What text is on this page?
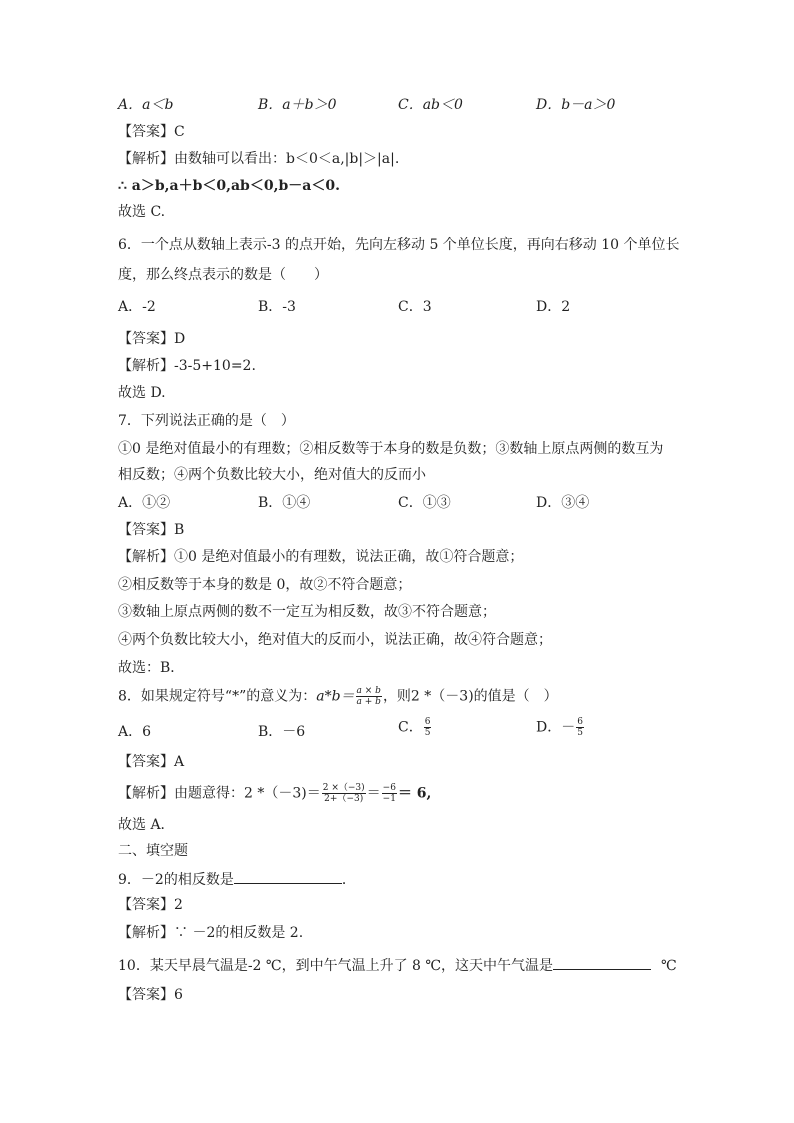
A．a＜b	B．a＋b＞0	C．ab＜0	D．b－a＞0
【答案】C
【解析】由数轴可以看出：b＜0＜a,|b|＞|a|.
∴ a＞b,a＋b＜0,ab＜0,b－a＜0.
故选 C.
6．一个点从数轴上表示-3 的点开始，先向左移动 5 个单位长度，再向右移动 10 个单位长
度，那么终点表示的数是（　　）
A．-2	B．-3	C．3	D．2
【答案】D
【解析】-3-5+10=2.
故选 D.
7．下列说法正确的是（　）
①0 是绝对值最小的有理数；②相反数等于本身的数是负数；③数轴上原点两侧的数互为
相反数；④两个负数比较大小，绝对值大的反而小
A．①②	B．①④	C．①③	D．③④
【答案】B
【解析】①0 是绝对值最小的有理数，说法正确，故①符合题意；
②相反数等于本身的数是 0，故②不符合题意；
③数轴上原点两侧的数不一定互为相反数，故③不符合题意；
④两个负数比较大小，绝对值大的反而小，说法正确，故④符合题意；
故选：B．
8．如果规定符号“*”的意义为：$a*b= \frac{a \times b}{a + b}$ ，则2 *（－3)的值是（　）
A．6	B．－6	C． $\frac{6}{5}$	D．－ $\frac{6}{5}$
【答案】A
【解析】由题意得：2 $*(-3)= \frac{2 \times(-3)}{2+(-3)} = \frac{-6}{-1} = 6$,
故选 A．
二、填空题
9．－2的相反数是	．
【答案】2
【解析】∵ －2的相反数是 2.
10．某天早晨气温是-2 ℃，到中午气温上升了 8 ℃，这天中午气温是	℃
【答案】6
